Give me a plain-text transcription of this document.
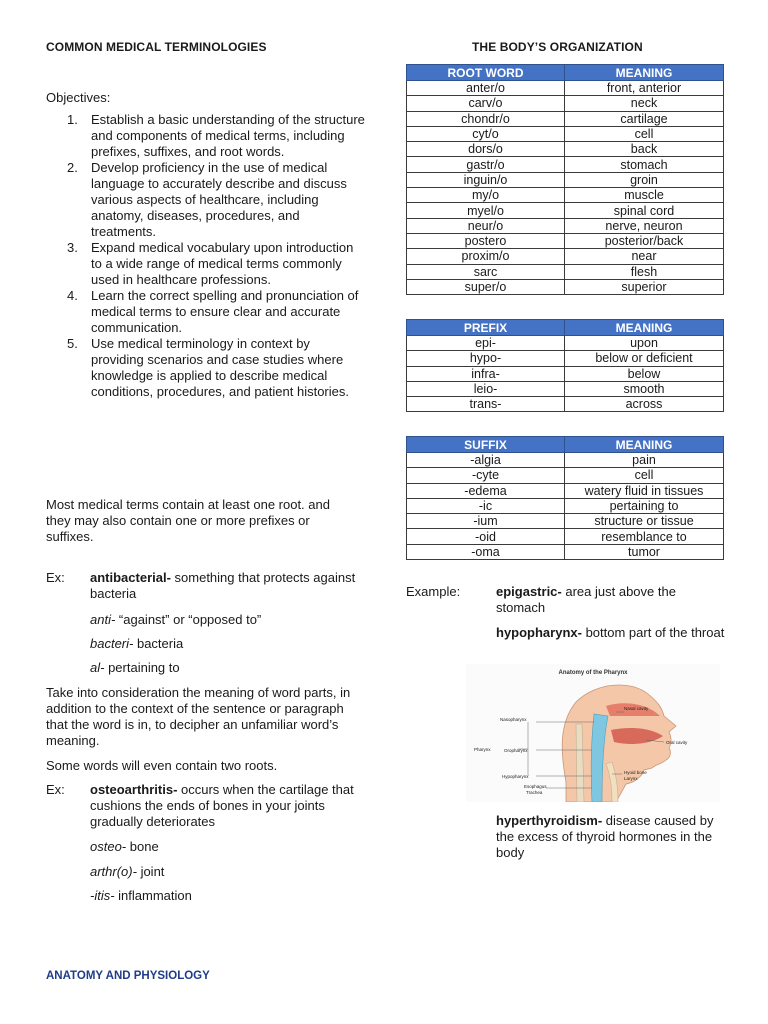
COMMON MEDICAL TERMINOLOGIES	THE BODY’S ORGANIZATION
Objectives:
1.	Establish a basic understanding of the structure and components of medical terms, including prefixes, suffixes, and root words.
2.	Develop proficiency in the use of medical language to accurately describe and discuss various aspects of healthcare, including anatomy, diseases, procedures, and treatments.
3.	Expand medical vocabulary upon introduction to a wide range of medical terms commonly used in healthcare professions.
4.	Learn the correct spelling and pronunciation of medical terms to ensure clear and accurate communication.
5.	Use medical terminology in context by providing scenarios and case studies where knowledge is applied to describe medical conditions, procedures, and patient histories.
Most medical terms contain at least one root. and they may also contain one or more prefixes or suffixes.
Ex: antibacterial- something that protects against bacteria
anti- “against” or “opposed to”
bacteri- bacteria
al- pertaining to
Take into consideration the meaning of word parts, in addition to the context of the sentence or paragraph that the word is in, to decipher an unfamiliar word’s meaning.
Some words will even contain two roots.
Ex: osteoarthritis- occurs when the cartilage that cushions the ends of bones in your joints gradually deteriorates
osteo- bone
arthr(o)- joint
-itis- inflammation
ROOT WORD	MEANING
anter/o	front, anterior
carv/o	neck
chondr/o	cartilage
cyt/o	cell
dors/o	back
gastr/o	stomach
inguin/o	groin
my/o	muscle
myel/o	spinal cord
neur/o	nerve, neuron
postero	posterior/back
proxim/o	near
sarc	flesh
super/o	superior
PREFIX	MEANING
epi-	upon
hypo-	below or deficient
infra-	below
leio-	smooth
trans-	across
SUFFIX	MEANING
-algia	pain
-cyte	cell
-edema	watery fluid in tissues
-ic	pertaining to
-ium	structure or tissue
-oid	resemblance to
-oma	tumor
Example:	epigastric- area just above the stomach
hypopharynx- bottom part of the throat
Anatomy of the Pharynx
Nasal cavity
Nasopharynx
Oral cavity
Pharynx	Oropharynx
Hypopharynx
Hyoid bone
Larynx
Esophagus
Trachea
hyperthyroidism- disease caused by the excess of thyroid hormones in the body
ANATOMY AND PHYSIOLOGY
